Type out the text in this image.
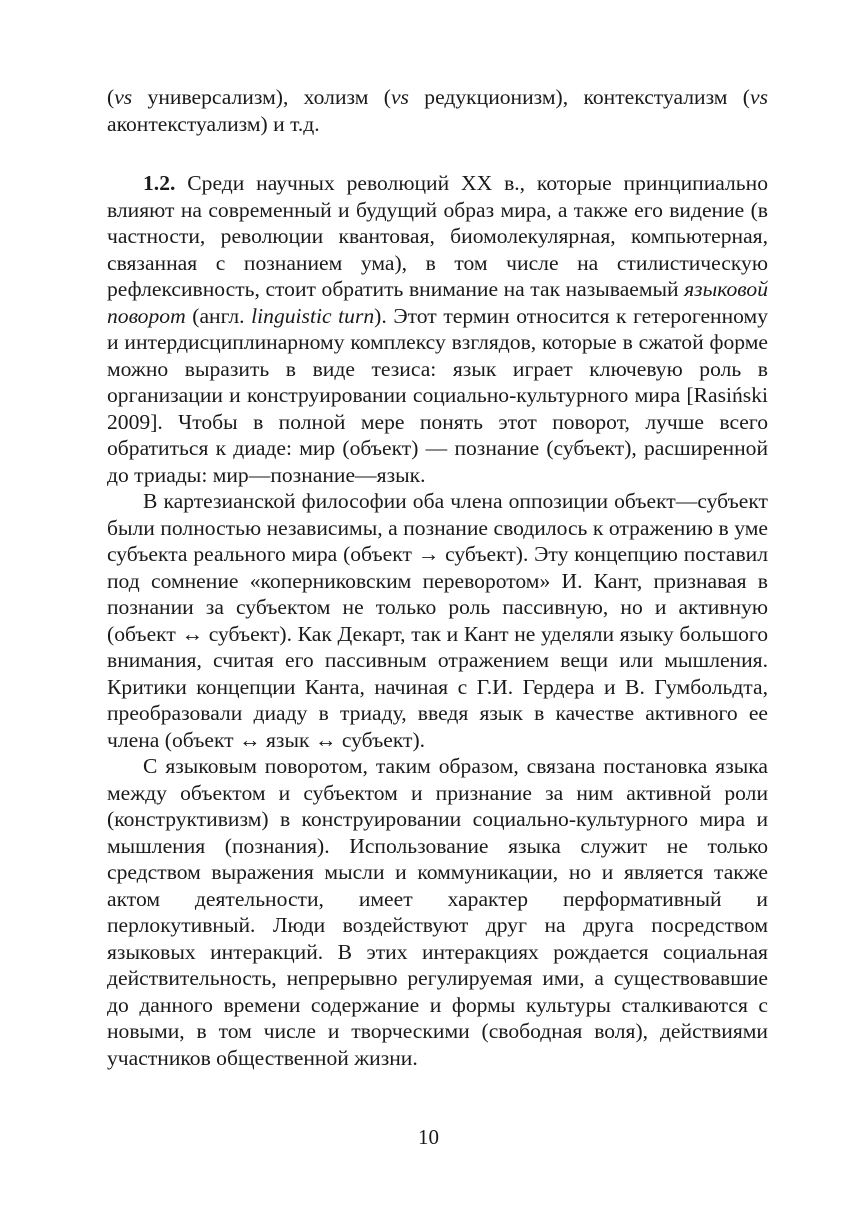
(vs универсализм), холизм (vs редукционизм), контекстуализм (vs аконтекстуализм) и т.д.

1.2. Среди научных революций XX в., которые принципиально влияют на современный и будущий образ мира, а также его видение (в частности, революции квантовая, биомолекулярная, компьютерная, связанная с познанием ума), в том числе на стилистическую рефлексивность, стоит обратить внимание на так называемый языковой поворот (англ. linguistic turn). Этот термин относится к гетерогенному и интердисциплинарному комплексу взглядов, которые в сжатой форме можно выразить в виде тезиса: язык играет ключевую роль в организации и конструировании социально-культурного мира [Rasiński 2009]. Чтобы в полной мере понять этот поворот, лучше всего обратиться к диаде: мир (объект) — познание (субъект), расширенной до триады: мир—познание—язык.

В картезианской философии оба члена оппозиции объект—субъект были полностью независимы, а познание сводилось к отражению в уме субъекта реального мира (объект → субъект). Эту концепцию поставил под сомнение «коперниковским переворотом» И. Кант, признавая в познании за субъектом не только роль пассивную, но и активную (объект ↔ субъект). Как Декарт, так и Кант не уделяли языку большого внимания, считая его пассивным отражением вещи или мышления. Критики концепции Канта, начиная с Г.И. Гердера и В. Гумбольдта, преобразовали диаду в триаду, введя язык в качестве активного ее члена (объект ↔ язык ↔ субъект).

С языковым поворотом, таким образом, связана постановка языка между объектом и субъектом и признание за ним активной роли (конструктивизм) в конструировании социально-культурного мира и мышления (познания). Использование языка служит не только средством выражения мысли и коммуникации, но и является также актом деятельности, имеет характер перформативный и перлокутивный. Люди воздействуют друг на друга посредством языковых интеракций. В этих интеракциях рождается социальная действительность, непрерывно регулируемая ими, а существовавшие до данного времени содержание и формы культуры сталкиваются с новыми, в том числе и творческими (свободная воля), действиями участников общественной жизни.

10
